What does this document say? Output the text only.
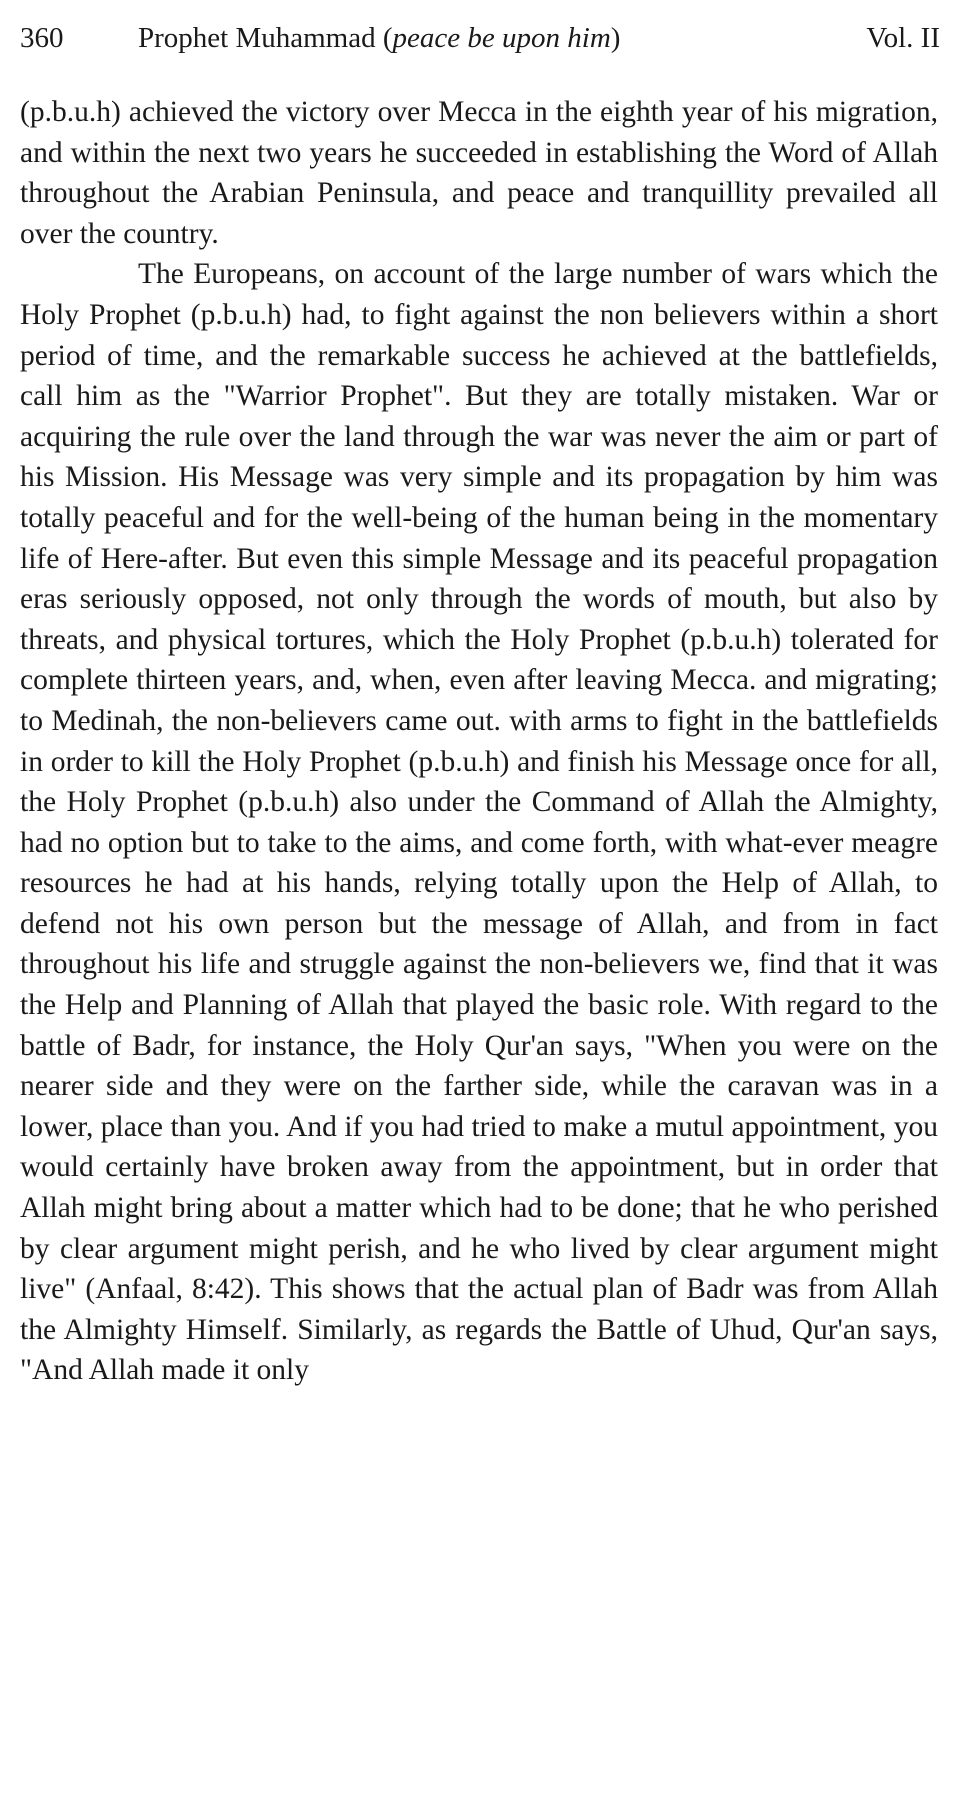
360	Prophet Muhammad (peace be upon him)	Vol. II

(p.b.u.h) achieved the victory over Mecca in the eighth year of his migration, and within the next two years he succeeded in establishing the Word of Allah throughout the Arabian Peninsula, and peace and tranquillity prevailed all over the country.

The Europeans, on account of the large number of wars which the Holy Prophet (p.b.u.h) had, to fight against the non believers within a short period of time, and the remarkable success he achieved at the battlefields, call him as the "Warrior Prophet". But they are totally mistaken. War or acquiring the rule over the land through the war was never the aim or part of his Mission. His Message was very simple and its propagation by him was totally peaceful and for the well-being of the human being in the momentary life of Here-after. But even this simple Message and its peaceful propagation eras seriously opposed, not only through the words of mouth, but also by threats, and physical tortures, which the Holy Prophet (p.b.u.h) tolerated for complete thirteen years, and, when, even after leaving Mecca. and migrating; to Medinah, the non-believers came out. with arms to fight in the battlefields in order to kill the Holy Prophet (p.b.u.h) and finish his Message once for all, the Holy Prophet (p.b.u.h) also under the Command of Allah the Almighty, had no option but to take to the aims, and come forth, with what-ever meagre resources he had at his hands, relying totally upon the Help of Allah, to defend not his own person but the message of Allah, and from in fact throughout his life and struggle against the non-believers we, find that it was the Help and Planning of Allah that played the basic role. With regard to the battle of Badr, for instance, the Holy Qur'an says, "When you were on the nearer side and they were on the farther side, while the caravan was in a lower, place than you. And if you had tried to make a mutul appointment, you would certainly have broken away from the appointment, but in order that Allah might bring about a matter which had to be done; that he who perished by clear argument might perish, and he who lived by clear argument might live" (Anfaal, 8:42). This shows that the actual plan of Badr was from Allah the Almighty Himself. Similarly, as regards the Battle of Uhud, Qur'an says, "And Allah made it only
